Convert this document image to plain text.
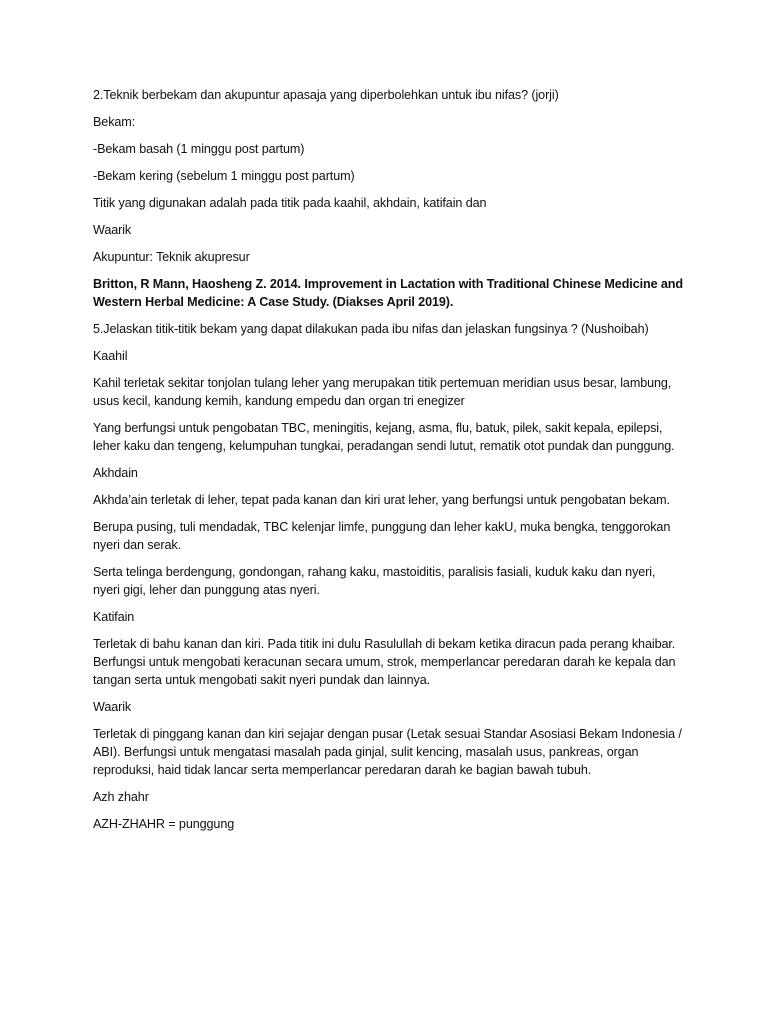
2.Teknik berbekam dan akupuntur apasaja yang diperbolehkan untuk ibu nifas? (jorji)

Bekam:

-Bekam basah (1 minggu post partum)

-Bekam kering (sebelum 1 minggu post partum)

Titik yang digunakan adalah pada titik pada kaahil, akhdain, katifain dan

Waarik

Akupuntur: Teknik akupresur

Britton, R Mann, Haosheng Z. 2014. Improvement in Lactation with Traditional Chinese Medicine and Western Herbal Medicine: A Case Study. (Diakses April 2019).

5.Jelaskan titik-titik bekam yang dapat dilakukan pada ibu nifas dan jelaskan fungsinya ? (Nushoibah)

Kaahil

Kahil terletak sekitar tonjolan tulang leher yang merupakan titik pertemuan meridian usus besar, lambung, usus kecil, kandung kemih, kandung empedu dan organ tri enegizer

Yang berfungsi untuk pengobatan TBC, meningitis, kejang, asma, flu, batuk, pilek, sakit kepala, epilepsi, leher kaku dan tengeng, kelumpuhan tungkai, peradangan sendi lutut, rematik otot pundak dan punggung.

Akhdain

Akhda’ain terletak di leher, tepat pada kanan dan kiri urat leher, yang berfungsi untuk pengobatan bekam.

Berupa pusing, tuli mendadak, TBC kelenjar limfe, punggung dan leher kakU, muka bengka, tenggorokan nyeri dan serak.

Serta telinga berdengung, gondongan, rahang kaku, mastoiditis, paralisis fasiali, kuduk kaku dan nyeri, nyeri gigi, leher dan punggung atas nyeri.

Katifain

Terletak di bahu kanan dan kiri. Pada titik ini dulu Rasulullah di bekam ketika diracun pada perang khaibar. Berfungsi untuk mengobati keracunan secara umum, strok, memperlancar peredaran darah ke kepala dan tangan serta untuk mengobati sakit nyeri pundak dan lainnya.

Waarik

Terletak di pinggang kanan dan kiri sejajar dengan pusar (Letak sesuai Standar Asosiasi Bekam Indonesia / ABI). Berfungsi untuk mengatasi masalah pada ginjal, sulit kencing, masalah usus, pankreas, organ reproduksi, haid tidak lancar serta memperlancar peredaran darah ke bagian bawah tubuh.

Azh zhahr

AZH-ZHAHR = punggung
